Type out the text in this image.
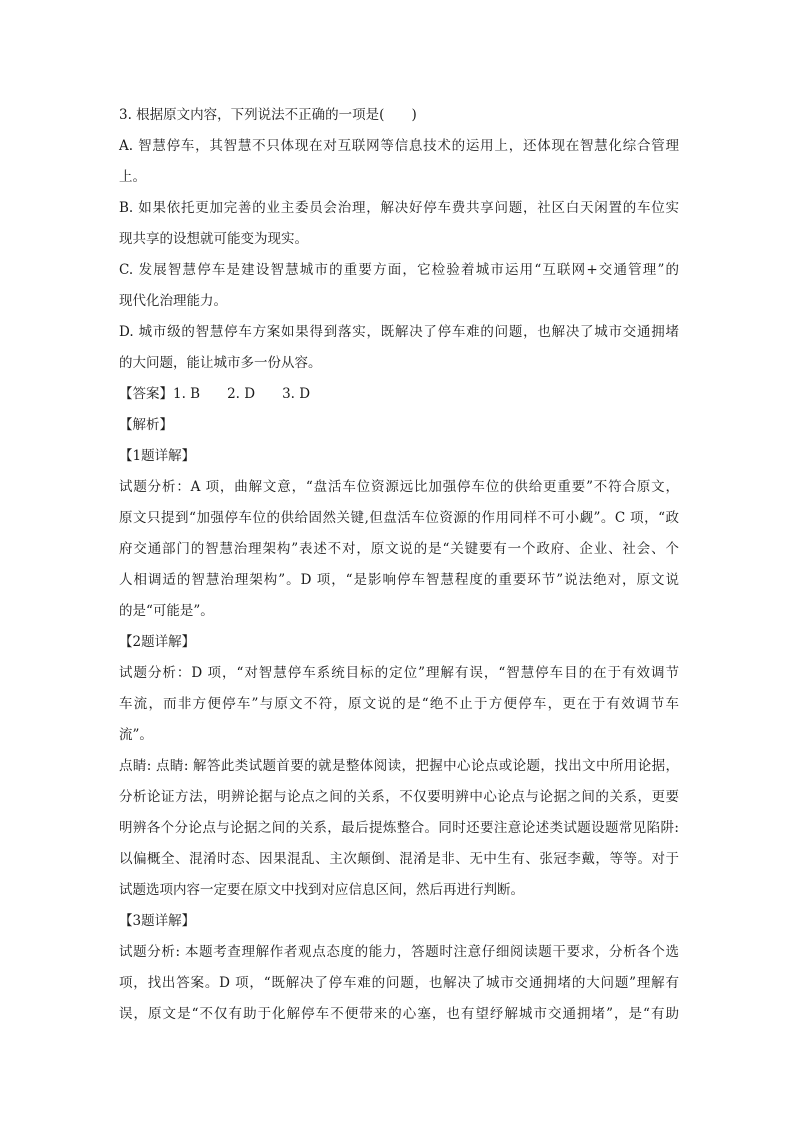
3. 根据原文内容，下列说法不正确的一项是(　　)
A. 智慧停车，其智慧不只体现在对互联网等信息技术的运用上，还体现在智慧化综合管理
上。
B. 如果依托更加完善的业主委员会治理，解决好停车费共享问题，社区白天闲置的车位实
现共享的设想就可能变为现实。
C. 发展智慧停车是建设智慧城市的重要方面，它检验着城市运用“互联网+交通管理”的
现代化治理能力。
D. 城市级的智慧停车方案如果得到落实，既解决了停车难的问题，也解决了城市交通拥堵
的大问题，能让城市多一份从容。
【答案】1. B　　2. D　　3. D
【解析】
【1题详解】
试题分析：A 项，曲解文意，“盘活车位资源远比加强停车位的供给更重要”不符合原文，
原文只提到“加强停车位的供给固然关键,但盘活车位资源的作用同样不可小觑”。C 项，“政
府交通部门的智慧治理架构”表述不对，原文说的是“关键要有一个政府、企业、社会、个
人相调适的智慧治理架构”。D 项，“是影响停车智慧程度的重要环节”说法绝对，原文说
的是“可能是”。
【2题详解】
试题分析：D 项，“对智慧停车系统目标的定位”理解有误，“智慧停车目的在于有效调节
车流，而非方便停车”与原文不符，原文说的是“绝不止于方便停车，更在于有效调节车
流”。
点睛: 点睛: 解答此类试题首要的就是整体阅读，把握中心论点或论题，找出文中所用论据，
分析论证方法，明辨论据与论点之间的关系，不仅要明辨中心论点与论据之间的关系，更要
明辨各个分论点与论据之间的关系，最后提炼整合。同时还要注意论述类试题设题常见陷阱:
以偏概全、混淆时态、因果混乱、主次颠倒、混淆是非、无中生有、张冠李戴，等等。对于
试题选项内容一定要在原文中找到对应信息区间，然后再进行判断。
【3题详解】
试题分析: 本题考查理解作者观点态度的能力，答题时注意仔细阅读题干要求，分析各个选
项，找出答案。D 项，“既解决了停车难的问题，也解决了城市交通拥堵的大问题”理解有
误，原文是“不仅有助于化解停车不便带来的心塞，也有望纾解城市交通拥堵”，是“有助
